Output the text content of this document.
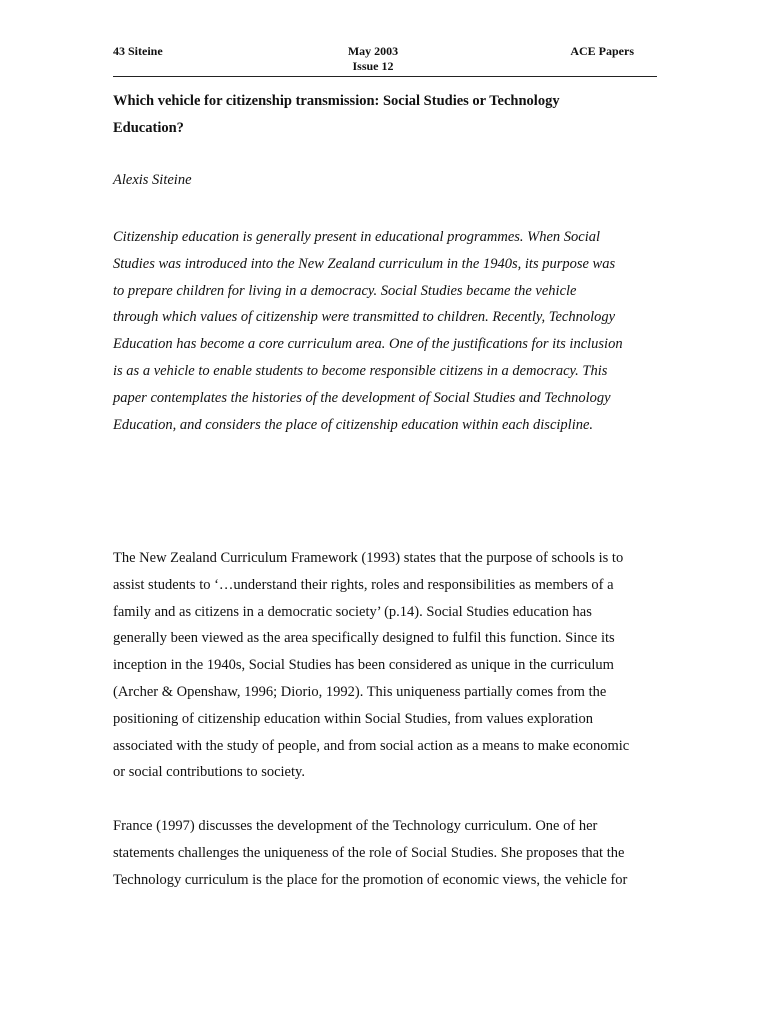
43 Siteine	May 2003
Issue 12
ACE Papers
Which vehicle for citizenship transmission: Social Studies or Technology
Education?
Alexis Siteine
Citizenship education is generally present in educational programmes. When Social
Studies was introduced into the New Zealand curriculum in the 1940s, its purpose was
to prepare children for living in a democracy. Social Studies became the vehicle
through which values of citizenship were transmitted to children. Recently, Technology
Education has become a core curriculum area. One of the justifications for its inclusion
is as a vehicle to enable students to become responsible citizens in a democracy. This
paper contemplates the histories of the development of Social Studies and Technology
Education, and considers the place of citizenship education within each discipline.
The New Zealand Curriculum Framework (1993) states that the purpose of schools is to
assist students to ‘…understand their rights, roles and responsibilities as members of a
family and as citizens in a democratic society’ (p.14). Social Studies education has
generally been viewed as the area specifically designed to fulfil this function. Since its
inception in the 1940s, Social Studies has been considered as unique in the curriculum
(Archer & Openshaw, 1996; Diorio, 1992). This uniqueness partially comes from the
positioning of citizenship education within Social Studies, from values exploration
associated with the study of people, and from social action as a means to make economic
or social contributions to society.
France (1997) discusses the development of the Technology curriculum. One of her
statements challenges the uniqueness of the role of Social Studies. She proposes that the
Technology curriculum is the place for the promotion of economic views, the vehicle for
